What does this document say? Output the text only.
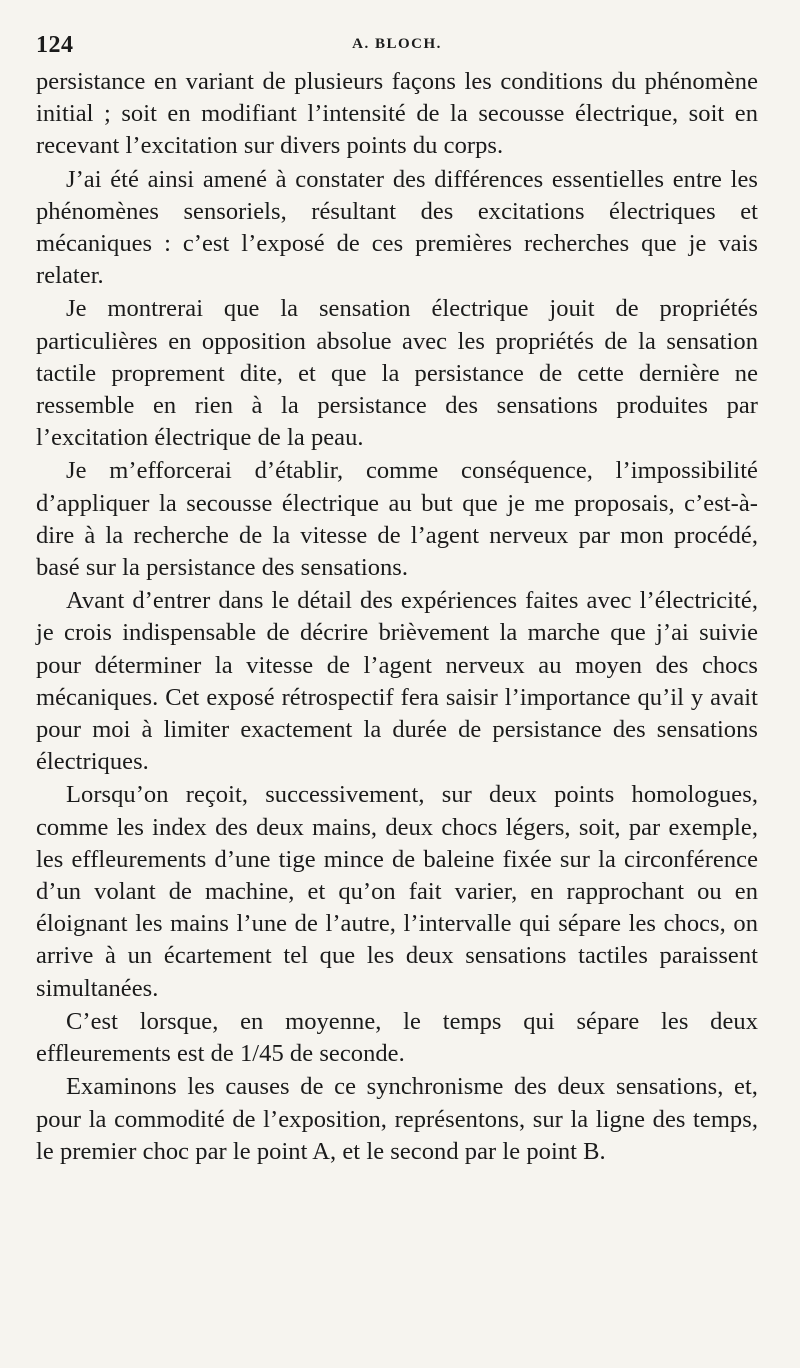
124	A. BLOCH.

persistance en variant de plusieurs façons les conditions du phénomène initial ; soit en modifiant l’intensité de la secousse électrique, soit en recevant l’excitation sur divers points du corps.

J’ai été ainsi amené à constater des différences essentielles entre les phénomènes sensoriels, résultant des excitations électriques et mécaniques : c’est l’exposé de ces premières recherches que je vais relater.

Je montrerai que la sensation électrique jouit de propriétés particulières en opposition absolue avec les propriétés de la sensation tactile proprement dite, et que la persistance de cette dernière ne ressemble en rien à la persistance des sensations produites par l’excitation électrique de la peau.

Je m’efforcerai d’établir, comme conséquence, l’impossibilité d’appliquer la secousse électrique au but que je me proposais, c’est-à-dire à la recherche de la vitesse de l’agent nerveux par mon procédé, basé sur la persistance des sensations.

Avant d’entrer dans le détail des expériences faites avec l’électricité, je crois indispensable de décrire brièvement la marche que j’ai suivie pour déterminer la vitesse de l’agent nerveux au moyen des chocs mécaniques. Cet exposé rétrospectif fera saisir l’importance qu’il y avait pour moi à limiter exactement la durée de persistance des sensations électriques.

Lorsqu’on reçoit, successivement, sur deux points homologues, comme les index des deux mains, deux chocs légers, soit, par exemple, les effleurements d’une tige mince de baleine fixée sur la circonférence d’un volant de machine, et qu’on fait varier, en rapprochant ou en éloignant les mains l’une de l’autre, l’intervalle qui sépare les chocs, on arrive à un écartement tel que les deux sensations tactiles paraissent simultanées.

C’est lorsque, en moyenne, le temps qui sépare les deux effleurements est de 1/45 de seconde.

Examinons les causes de ce synchronisme des deux sensations, et, pour la commodité de l’exposition, représentons, sur la ligne des temps, le premier choc par le point A, et le second par le point B.
